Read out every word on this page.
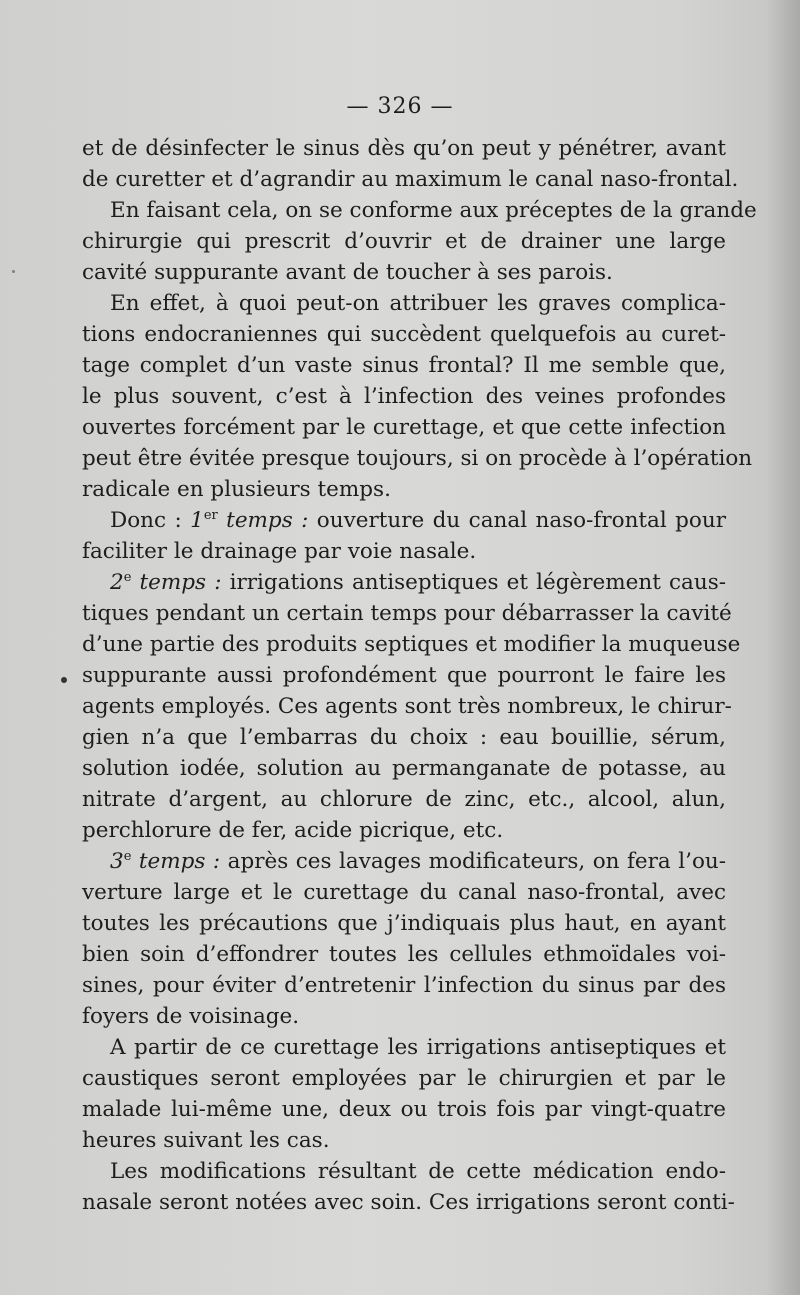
— 326 —
et de désinfecter le sinus dès qu’on peut y pénétrer, avant
de curetter et d’agrandir au maximum le canal naso-frontal.
En faisant cela, on se conforme aux préceptes de la grande
chirurgie qui prescrit d’ouvrir et de drainer une large
cavité suppurante avant de toucher à ses parois.
En effet, à quoi peut-on attribuer les graves complica-
tions endocraniennes qui succèdent quelquefois au curet-
tage complet d’un vaste sinus frontal? Il me semble que,
le plus souvent, c’est à l’infection des veines profondes
ouvertes forcément par le curettage, et que cette infection
peut être évitée presque toujours, si on procède à l’opération
radicale en plusieurs temps.
Donc : 1er temps : ouverture du canal naso-frontal pour
faciliter le drainage par voie nasale.
2e temps : irrigations antiseptiques et légèrement caus-
tiques pendant un certain temps pour débarrasser la cavité
d’une partie des produits septiques et modifier la muqueuse
suppurante aussi profondément que pourront le faire les
agents employés. Ces agents sont très nombreux, le chirur-
gien n’a que l’embarras du choix : eau bouillie, sérum,
solution iodée, solution au permanganate de potasse, au
nitrate d’argent, au chlorure de zinc, etc., alcool, alun,
perchlorure de fer, acide picrique, etc.
3e temps : après ces lavages modificateurs, on fera l’ou-
verture large et le curettage du canal naso-frontal, avec
toutes les précautions que j’indiquais plus haut, en ayant
bien soin d’effondrer toutes les cellules ethmoïdales voi-
sines, pour éviter d’entretenir l’infection du sinus par des
foyers de voisinage.
A partir de ce curettage les irrigations antiseptiques et
caustiques seront employées par le chirurgien et par le
malade lui-même une, deux ou trois fois par vingt-quatre
heures suivant les cas.
Les modifications résultant de cette médication endo-
nasale seront notées avec soin. Ces irrigations seront conti-
